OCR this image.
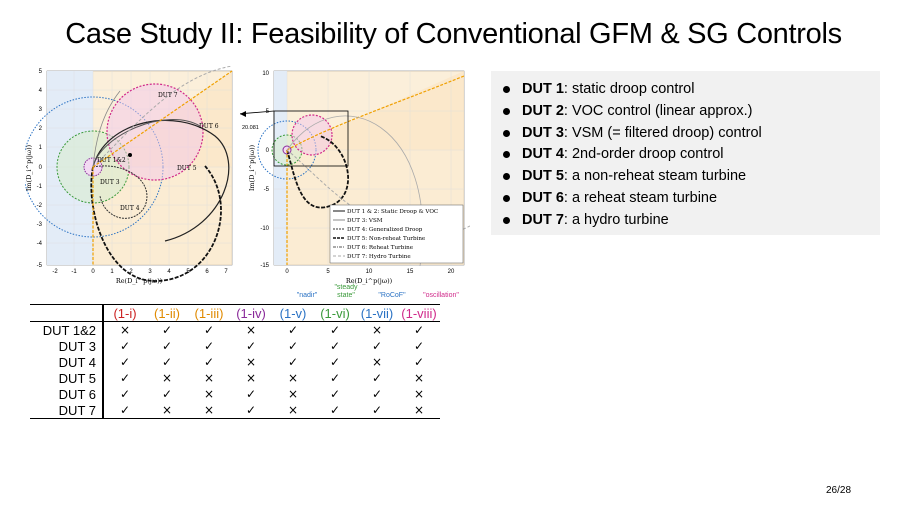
Case Study II: Feasibility of Conventional GFM & SG Controls
5
4
3
2
1
0
-1
-2
-3
-4
-5
-2 -1 0	1	2	3	4	5	6	7
Re(D_i^p(jω))
Im(D_i^p(jω))
DUT 7
DUT 6
DUT 1&2
DUT 5
DUT 3
DUT 4
20.081
10
5
0
-5
-10
-15
0	5	10	15	20
Re(D_i^p(jω))
Im(D_i^p(jω))
DUT 1 & 2: Static Droop & VOC
DUT 3: VSM
DUT 4: Generalized Droop
DUT 5: Non-reheat Turbine
DUT 6: Reheat Turbine
DUT 7: Hydro Turbine
"nadir"
"steady state"	"RoCoF"	"oscillation"
DUT 1: static droop control
DUT 2: VOC control (linear approx.)
DUT 3: VSM (= filtered droop) control
DUT 4: 2nd-order droop control
DUT 5: a non-reheat steam turbine
DUT 6: a reheat steam turbine
DUT 7: a hydro turbine
	(1-i)	(1-ii)	(1-iii)	(1-iv)	(1-v)	(1-vi)	(1-vii)	(1-viii)
DUT 1&2	×	✓	✓	×	✓	✓	×	✓
DUT 3	✓	✓	✓	✓	✓	✓	✓	✓
DUT 4	✓	✓	✓	×	✓	✓	×	✓
DUT 5	✓	×	×	×	×	✓	✓	×
DUT 6	✓	✓	×	✓	×	✓	✓	×
DUT 7	✓	×	×	✓	×	✓	✓	×
26/28
